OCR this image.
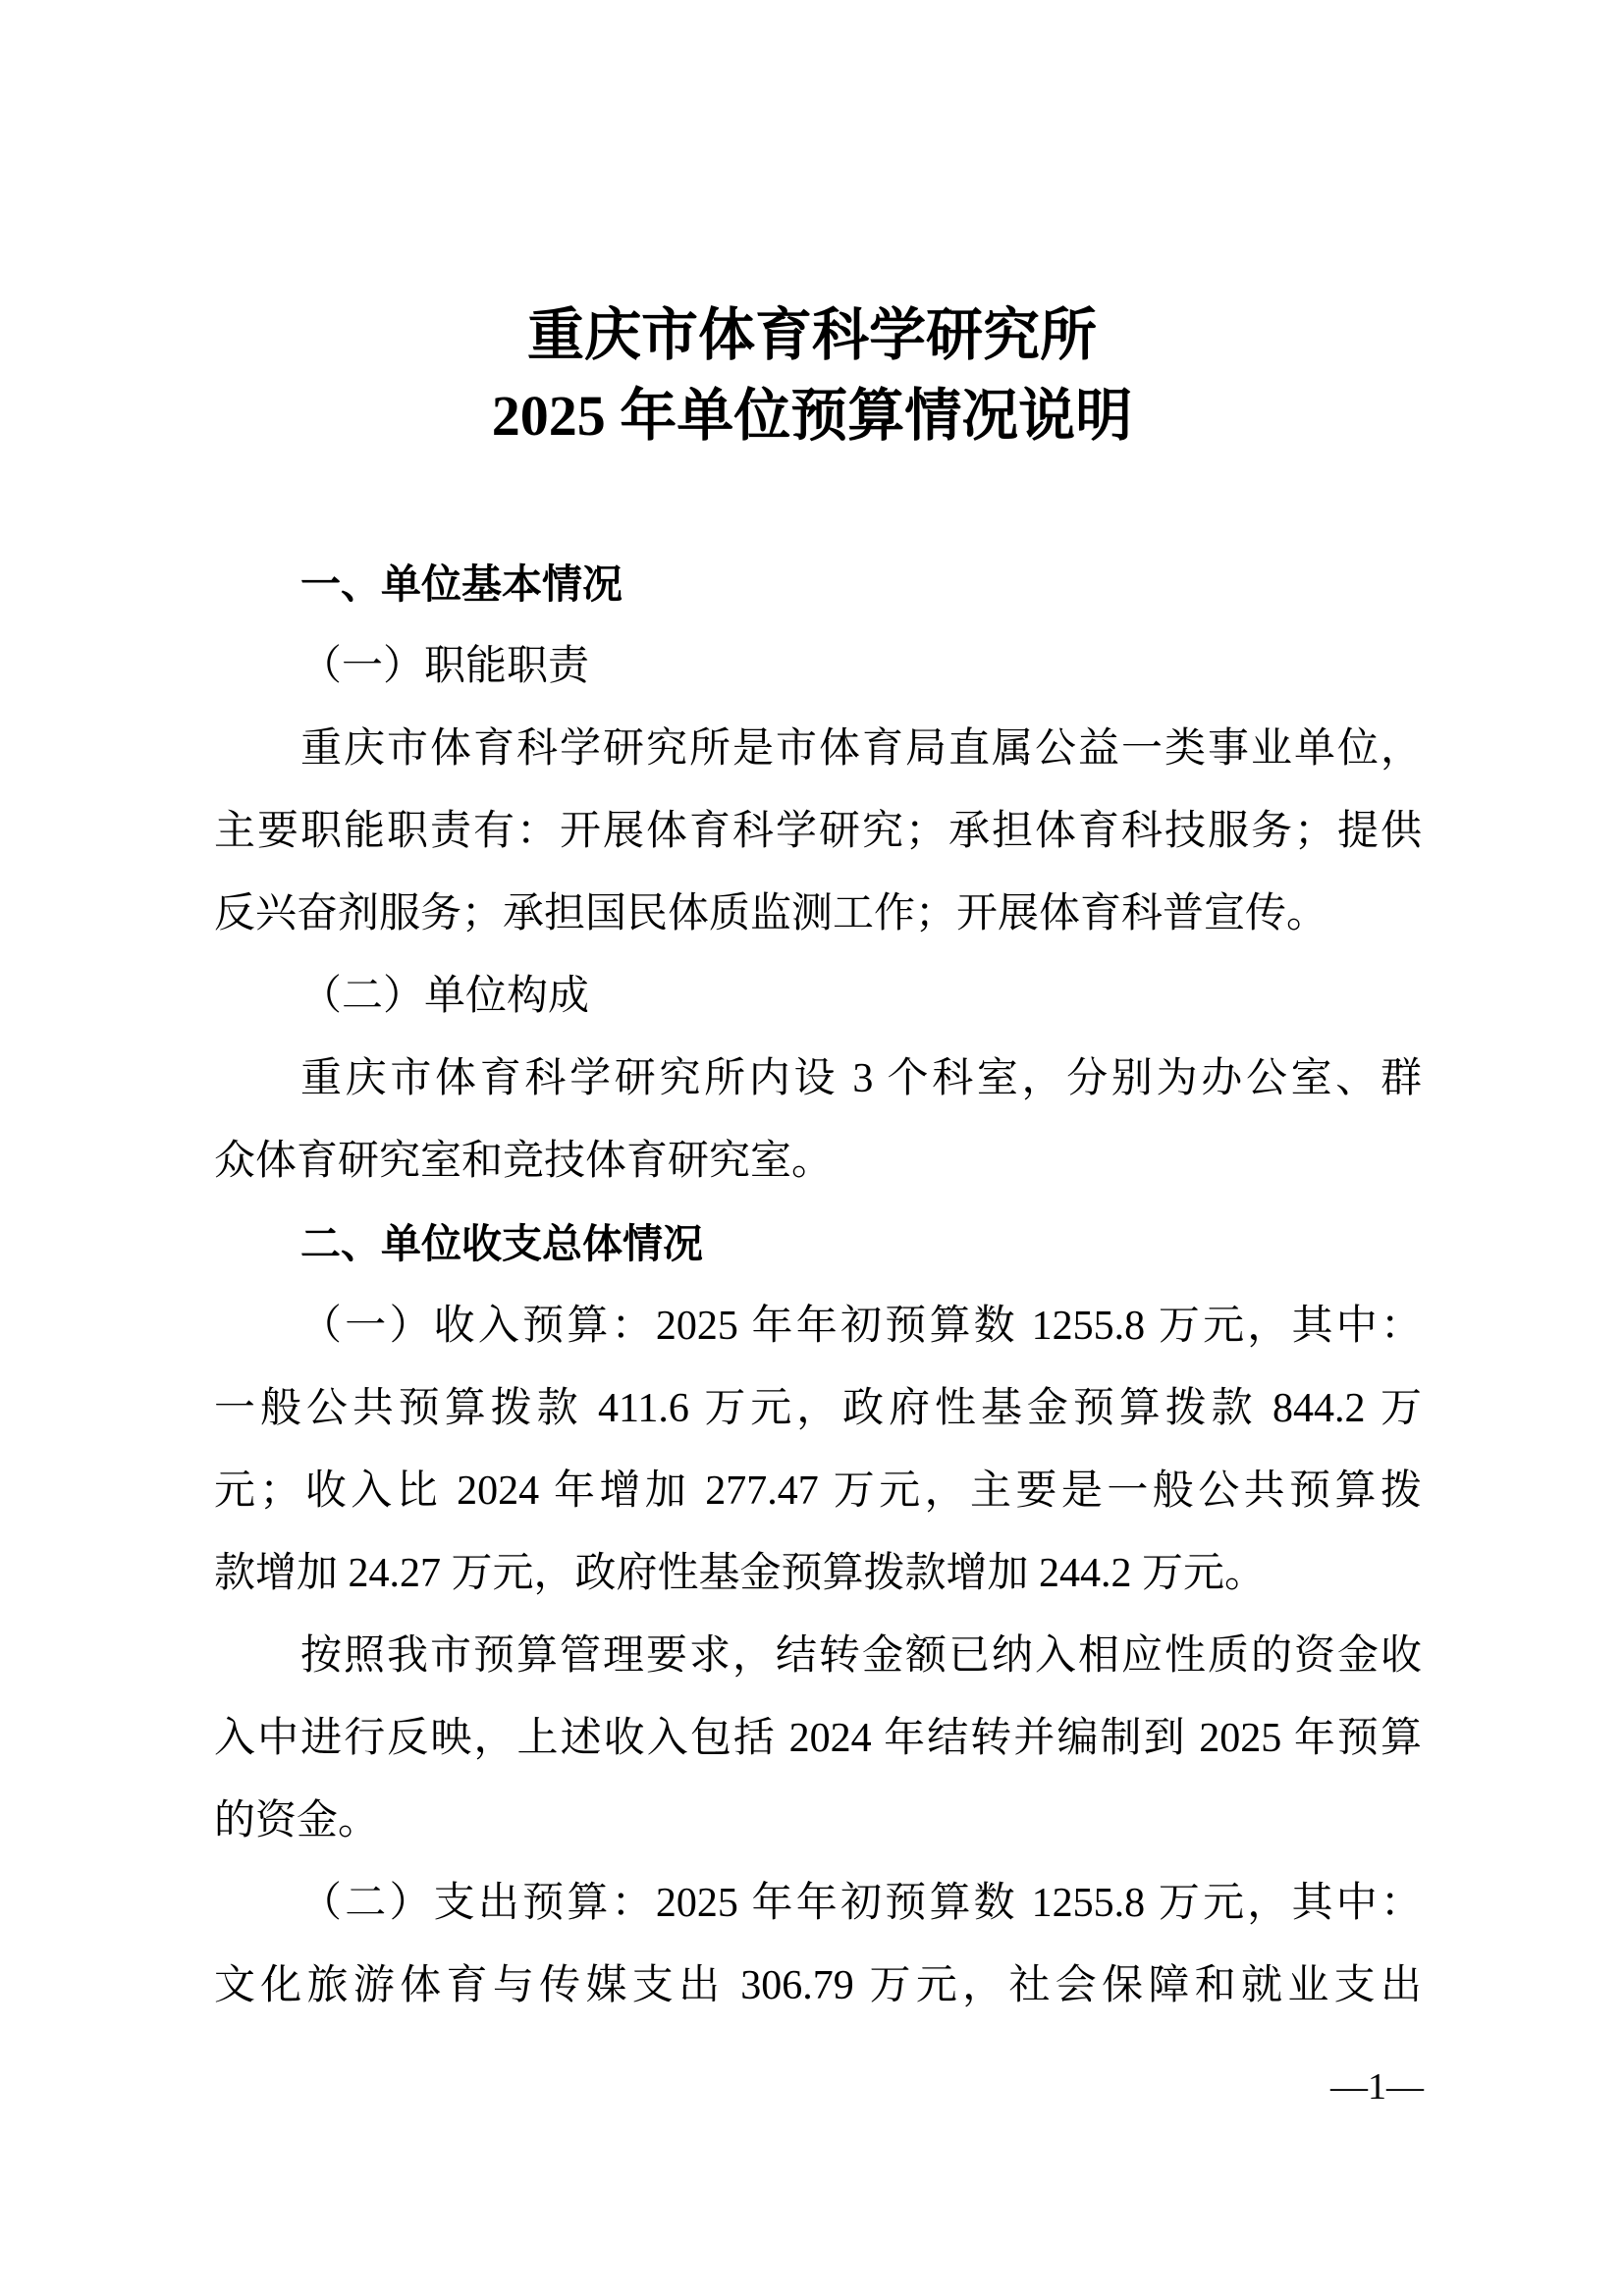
重庆市体育科学研究所
2025 年单位预算情况说明
一、单位基本情况
（一）职能职责
重庆市体育科学研究所是市体育局直属公益一类事业单位，
主要职能职责有：开展体育科学研究；承担体育科技服务；提供
反兴奋剂服务；承担国民体质监测工作；开展体育科普宣传。
（二）单位构成
重庆市体育科学研究所内设 3 个科室，分别为办公室、群
众体育研究室和竞技体育研究室。
二、单位收支总体情况
（一）收入预算：2025 年年初预算数 1255.8 万元，其中：
一般公共预算拨款 411.6 万元，政府性基金预算拨款 844.2 万
元；收入比 2024 年增加 277.47 万元，主要是一般公共预算拨
款增加 24.27 万元，政府性基金预算拨款增加 244.2 万元。
按照我市预算管理要求，结转金额已纳入相应性质的资金收
入中进行反映，上述收入包括 2024 年结转并编制到 2025 年预算
的资金。
（二）支出预算：2025 年年初预算数 1255.8 万元，其中：
文化旅游体育与传媒支出 306.79 万元，社会保障和就业支出
—1—
